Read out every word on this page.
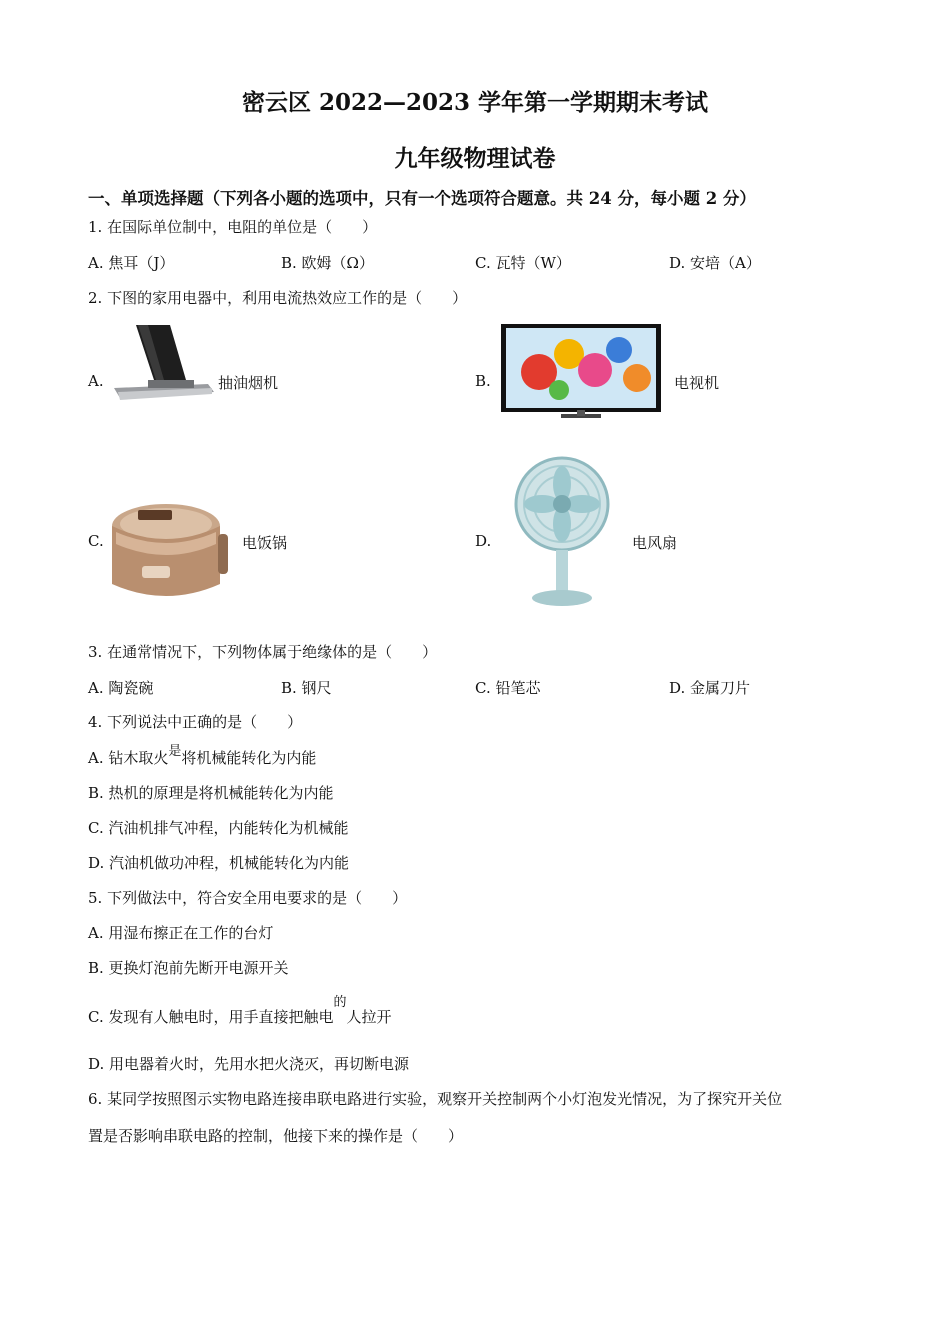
密云区 2022—2023 学年第一学期期末考试
九年级物理试卷
一、单项选择题（下列各小题的选项中，只有一个选项符合题意。共 24 分，每小题 2 分）
1. 在国际单位制中，电阻的单位是（　　）
A. 焦耳（J）	B. 欧姆（Ω）	C. 瓦特（W）	D. 安培（A）
2. 下图的家用电器中，利用电流热效应工作的是（　　）
A.	抽油烟机	B.	电视机
C.	电饭锅	D.	电风扇
3. 在通常情况下，下列物体属于绝缘体的是（　　）
A. 陶瓷碗	B. 钢尺	C. 铅笔芯	D. 金属刀片
4. 下列说法中正确的是（　　）
A. 钻木取火是将机械能转化为内能
B. 热机的原理是将机械能转化为内能
C. 汽油机排气冲程，内能转化为机械能
D. 汽油机做功冲程，机械能转化为内能
5. 下列做法中，符合安全用电要求的是（　　）
A. 用湿布擦正在工作的台灯
B. 更换灯泡前先断开电源开关
C. 发现有人触电时，用手直接把触电的人拉开
D. 用电器着火时，先用水把火浇灭，再切断电源
6. 某同学按照图示实物电路连接串联电路进行实验，观察开关控制两个小灯泡发光情况，为了探究开关位
置是否影响串联电路的控制，他接下来的操作是（　　）
